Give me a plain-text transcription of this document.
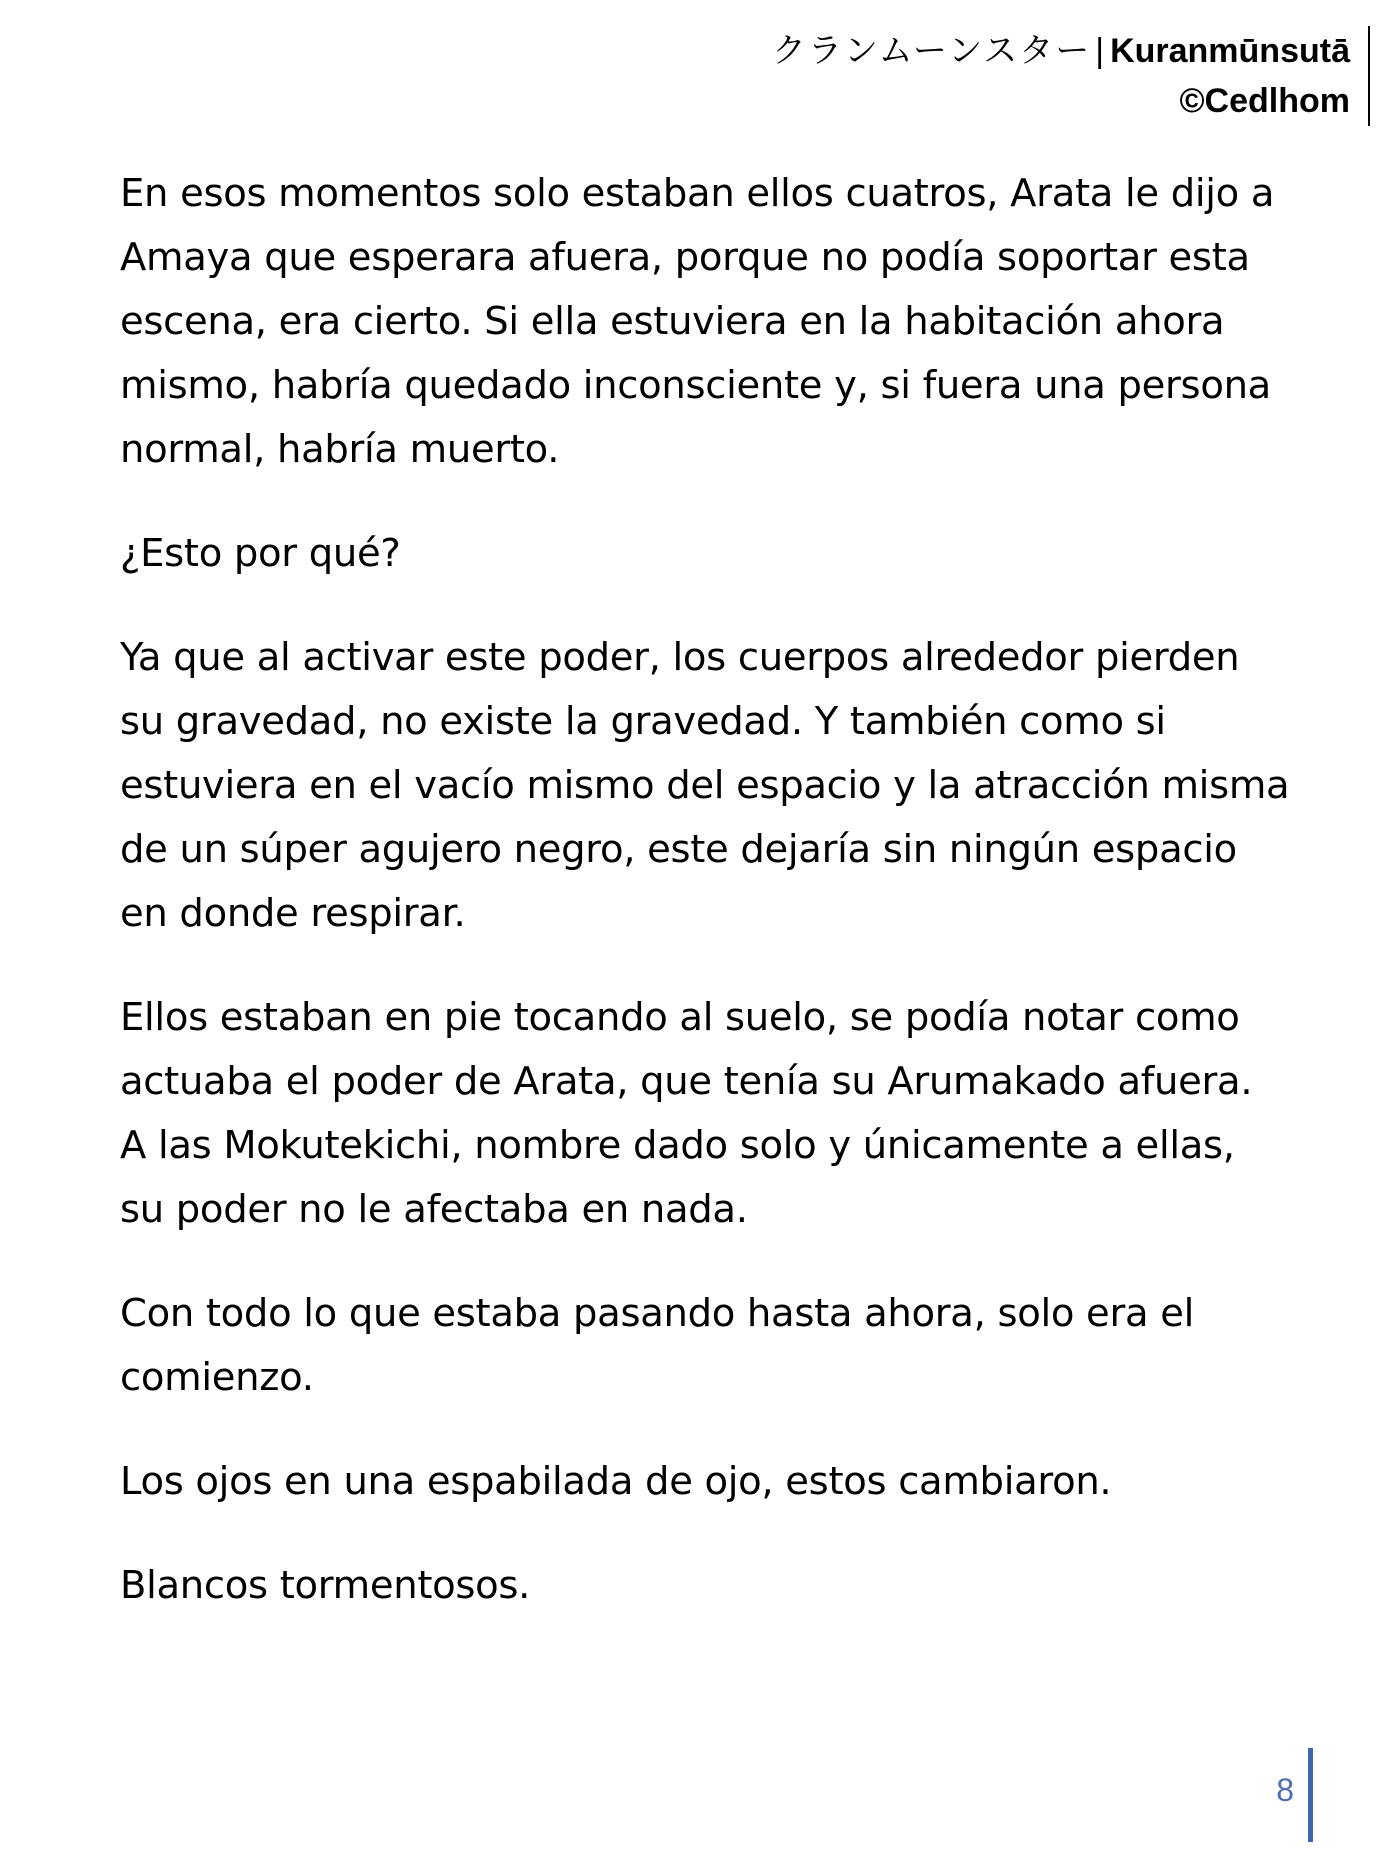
クランムーンスター | Kuranmūnsutā
©Cedlhom

En esos momentos solo estaban ellos cuatros, Arata le dijo a Amaya que esperara afuera, porque no podía soportar esta escena, era cierto. Si ella estuviera en la habitación ahora mismo, habría quedado inconsciente y, si fuera una persona normal, habría muerto.

¿Esto por qué?

Ya que al activar este poder, los cuerpos alrededor pierden su gravedad, no existe la gravedad. Y también como si estuviera en el vacío mismo del espacio y la atracción misma de un súper agujero negro, este dejaría sin ningún espacio en donde respirar.

Ellos estaban en pie tocando al suelo, se podía notar como actuaba el poder de Arata, que tenía su Arumakado afuera. A las Mokutekichi, nombre dado solo y únicamente a ellas, su poder no le afectaba en nada.

Con todo lo que estaba pasando hasta ahora, solo era el comienzo.

Los ojos en una espabilada de ojo, estos cambiaron.

Blancos tormentosos.

8
